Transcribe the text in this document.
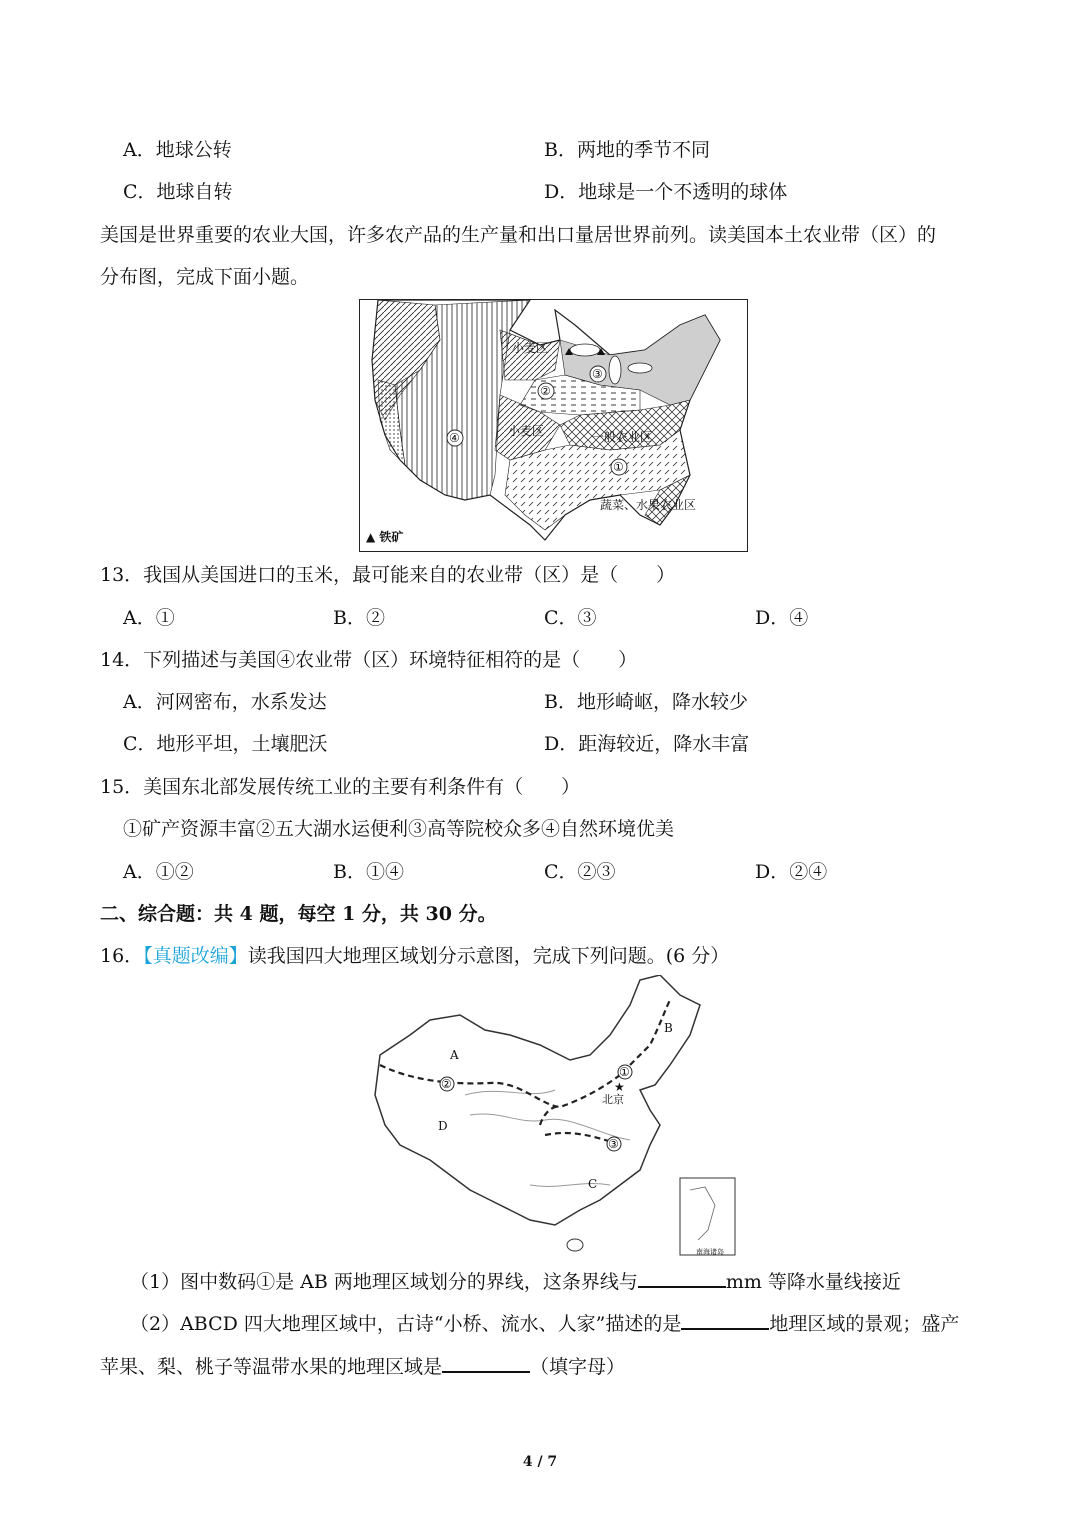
A．地球公转	B．两地的季节不同
C．地球自转	D．地球是一个不透明的球体
美国是世界重要的农业大国，许多农产品的生产量和出口量居世界前列。读美国本土农业带（区）的
分布图，完成下面小题。
小麦区
小麦区	一般农业区
蔬菜、水果农业区
①
②
③
④
▲ 铁矿
13．我国从美国进口的玉米，最可能来自的农业带（区）是（　　）
A．①	B．②	C．③	D．④
14．下列描述与美国④农业带（区）环境特征相符的是（　　）
A．河网密布，水系发达	B．地形崎岖，降水较少
C．地形平坦，土壤肥沃	D．距海较近，降水丰富
15．美国东北部发展传统工业的主要有利条件有（　　）
①矿产资源丰富②五大湖水运便利③高等院校众多④自然环境优美
A．①②	B．①④	C．②③	D．②④
二、综合题：共 4 题，每空 1 分，共 30 分。
16．【真题改编】读我国四大地理区域划分示意图，完成下列问题。(6 分）
★
A
B
C
D
①
②
③
北京
南海诸岛
（1）图中数码①是 AB 两地理区域划分的界线，这条界线与	mm 等降水量线接近
（2）ABCD 四大地理区域中，古诗“小桥、流水、人家”描述的是	地理区域的景观；盛产
苹果、梨、桃子等温带水果的地理区域是	（填字母）
4 / 7
